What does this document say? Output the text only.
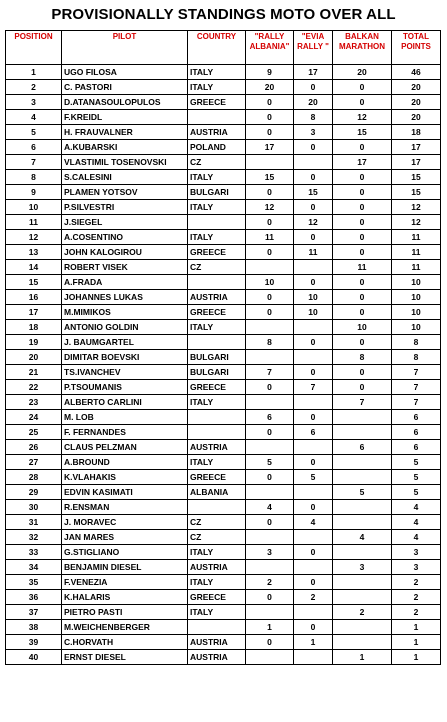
PROVISIONALLY STANDINGS MOTO OVER ALL
POSITION	PILOT	COUNTRY	"RALLY ALBANIA"	"EVIA RALLY "	BALKAN MARATHON	TOTAL POINTS
1	UGO FILOSA	ITALY	9	17	20	46
2	C. PASTORI	ITALY	20	0	0	20
3	D.ATANASOULOPULOS	GREECE	0	20	0	20
4	F.KREIDL		0	8	12	20
5	H. FRAUVALNER	AUSTRIA	0	3	15	18
6	A.KUBARSKI	POLAND	17	0	0	17
7	VLASTIMIL TOSENOVSKI	CZ			17	17
8	S.CALESINI	ITALY	15	0	0	15
9	PLAMEN YOTSOV	BULGARI	0	15	0	15
10	P.SILVESTRI	ITALY	12	0	0	12
11	J.SIEGEL		0	12	0	12
12	A.COSENTINO	ITALY	11	0	0	11
13	JOHN KALOGIROU	GREECE	0	11	0	11
14	ROBERT VISEK	CZ			11	11
15	A.FRADA		10	0	0	10
16	JOHANNES LUKAS	AUSTRIA	0	10	0	10
17	M.MIMIKOS	GREECE	0	10	0	10
18	ANTONIO GOLDIN	ITALY			10	10
19	J. BAUMGARTEL		8	0	0	8
20	DIMITAR BOEVSKI	BULGARI			8	8
21	TS.IVANCHEV	BULGARI	7	0	0	7
22	P.TSOUMANIS	GREECE	0	7	0	7
23	ALBERTO CARLINI	ITALY			7	7
24	M. LOB		6	0		6
25	F. FERNANDES		0	6		6
26	CLAUS PELZMAN	AUSTRIA			6	6
27	A.BROUND	ITALY	5	0		5
28	K.VLAHAKIS	GREECE	0	5		5
29	EDVIN KASIMATI	ALBANIA			5	5
30	R.ENSMAN		4	0		4
31	J. MORAVEC	CZ	0	4		4
32	JAN MARES	CZ			4	4
33	G.STIGLIANO	ITALY	3	0		3
34	BENJAMIN DIESEL	AUSTRIA			3	3
35	F.VENEZIA	ITALY	2	0		2
36	K.HALARIS	GREECE	0	2		2
37	PIETRO PASTI	ITALY			2	2
38	M.WEICHENBERGER		1	0		1
39	C.HORVATH	AUSTRIA	0	1		1
40	ERNST DIESEL	AUSTRIA			1	1
